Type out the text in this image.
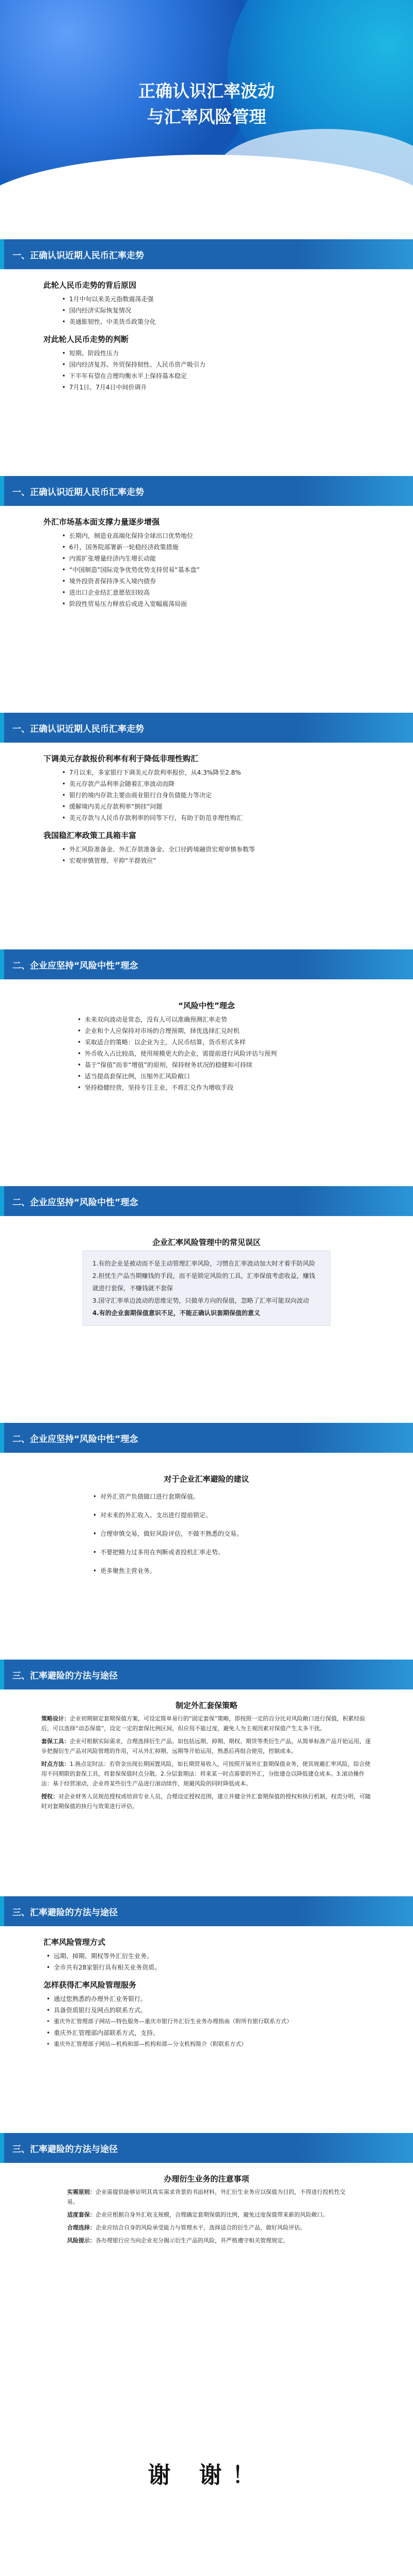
正确认识汇率波动
与汇率风险管理
2023年7月
一、正确认识近期人民币汇率走势
此轮人民币走势的背后原因
• 1月中旬以来美元指数震荡走强
• 国内经济实际恢复情况
• 美通胀韧性、中美货币政策分化
对此轮人民币走势的判断
• 短期、阶段性压力
• 国内经济复苏、外贸保持韧性、人民币资产吸引力
• 下半年有望在合理均衡水平上保持基本稳定
• 7月1日、7月4日中间价调升
一、正确认识近期人民币汇率走势
外汇市场基本面支撑力量逐步增强
• 长期内，制造业高端化保持全球出口优势地位
• 6月，国务院部署新一轮稳经济政策措施
• 内需扩张增量经济内生增长动能
• “中国制造”国际竞争优势优势支持贸易“基本盘”
• 境外投资者保持净买入境内债券
• 进出口企业结汇意愿依旧较高
• 阶段性贸易压力释放后或进入宽幅震荡局面
一、正确认识近期人民币汇率走势
下调美元存款报价利率有利于降低非理性购汇
• 7月以来，多家银行下调美元存款利率报价，从4.3%降至2.8%
• 美元存款产品利率会随着汇率波动而降
• 银行的境内存款主要由商业银行自身负债能力等决定
• 缓解境内美元存款利率“倒挂”问题
• 美元存款与人民币存款利率的同等下行，有助于防范非理性购汇
我国稳汇率政策工具箱丰富
• 外汇风险准备金、外汇存款准备金、全口径跨境融资宏观审慎参数等
• 宏观审慎管理、平抑“羊群效应”
二、企业应坚持“风险中性”理念
“风险中性”理念
• 未来双向波动是常态，没有人可以准确预测汇率走势
• 企业和个人应保持对市场的合理预期，择优选择汇兑时机
• 采取适合的策略：以企业为主，人民币结算，货币形式多样
• 外币收入占比较高，使用规模更大的企业，需提前进行风险评估与预判
• 基于“保值”而非“增值”的原则，保持财务状况的稳健和可持续
• 适当提高套保比例，压缩外汇风险敞口
• 坚持稳健经营，坚持专注主业，不将汇兑作为增收手段
二、企业应坚持“风险中性”理念
企业汇率风险管理中的常见误区

1.有的企业是被动而不是主动管理汇率风险，习惯在汇率波动加大时才着手防风险

2.担忧生产品当期赚钱的手段，而不是锁定风险的工具，汇率保值考虑收益，赚钱就进行套保，不赚钱就不套保

3.国守汇率单边波动的思维定势，只做单方向的保值，忽略了汇率可能双向波动

4.有的企业套期保值意识不足，不能正确认识套期保值的意义

二、企业应坚持“风险中性”理念
对于企业汇率避险的建议
• 对外汇资产负债做口进行套期保值。
• 对未来的外汇收入、支出进行提前锁定。
• 合理审慎交易，做好风险评估，不做不熟悉的交易。
• 不要把精力过多用在判断或者投机汇率走势。
• 更多聚焦主营业务。
三、汇率避险的方法与途径
制定外汇套保策略

策略设计：企业初期制定套期保值方案，可设定简单易行的“固定套保”策略，即按照一定的百分比对风险敞口进行保值，积累经验后，可以选择“动态保值”，设定一定的套保比例区间，但应用不能过度，避免人为主观因素对保值产生太多干扰。

套保工具：企业可根据实际需求，合理选择衍生产品。如包括远期、掉期、期权、期货等类衍生产品，从简单标准产品开始运用，逐步把握衍生产品对风险管理的作用，可从外汇掉期、远期等开始运用，熟悉后再组合使用，控制成本。

时点方法：1.换点定时法：若资金出现长期闲置风险，如长期贸易收入，可按照开展外汇套期保值业务，使其规避汇率风险，综合使用不同期限的套保工具，将套保保值时点分散。2.分层套期法：将来某一时点需要的外汇，分批建仓以降低建仓成本。3.滚动操作法：基于经营滚动，企业将某些衍生产品进行滚动续作，规避风险的同时降低成本。

授权：对企业财务人员规范授权或培训专业人员，合理设定授权范围，建立并健全外汇套期保值的授权和执行机制，权责分明，可随时对套期保值的执行与效果进行评估。

三、汇率避险的方法与途径
汇率风险管理方式
• 远期、掉期、期权等外汇衍生业务。
• 全市共有28家银行具有相关业务资质。
怎样获得汇率风险管理服务
• 通过您熟悉的办理外汇业务银行。
• 具备资质银行及网点的联系方式。
• 重庆外汇管理部子网站—特色服务—重庆市银行外汇衍生业务办理指南（附所有银行联系方式）
• 重庆外汇管理部内部联系方式，支持。
• 重庆外汇管理部子网站—机构和部—机构和部—分支机构简介（附联系方式）
三、汇率避险的方法与途径
办理衍生业务的注意事项

实需原则：企业需提供能够证明其真实需求背景的书面材料，外汇衍生业务应以保值为目的，不得进行投机性交易。

适度套保：企业应根据自身外汇收支规模，合理确定套期保值的比例，避免过度保值带来新的风险敞口。

合理选择：企业应结合自身的风险承受能力与管理水平，选择适合的衍生产品，做好风险评估。

风险提示：各办理银行应当向企业充分揭示衍生产品的风险，并严格遵守相关管理规定。

谢 谢！
